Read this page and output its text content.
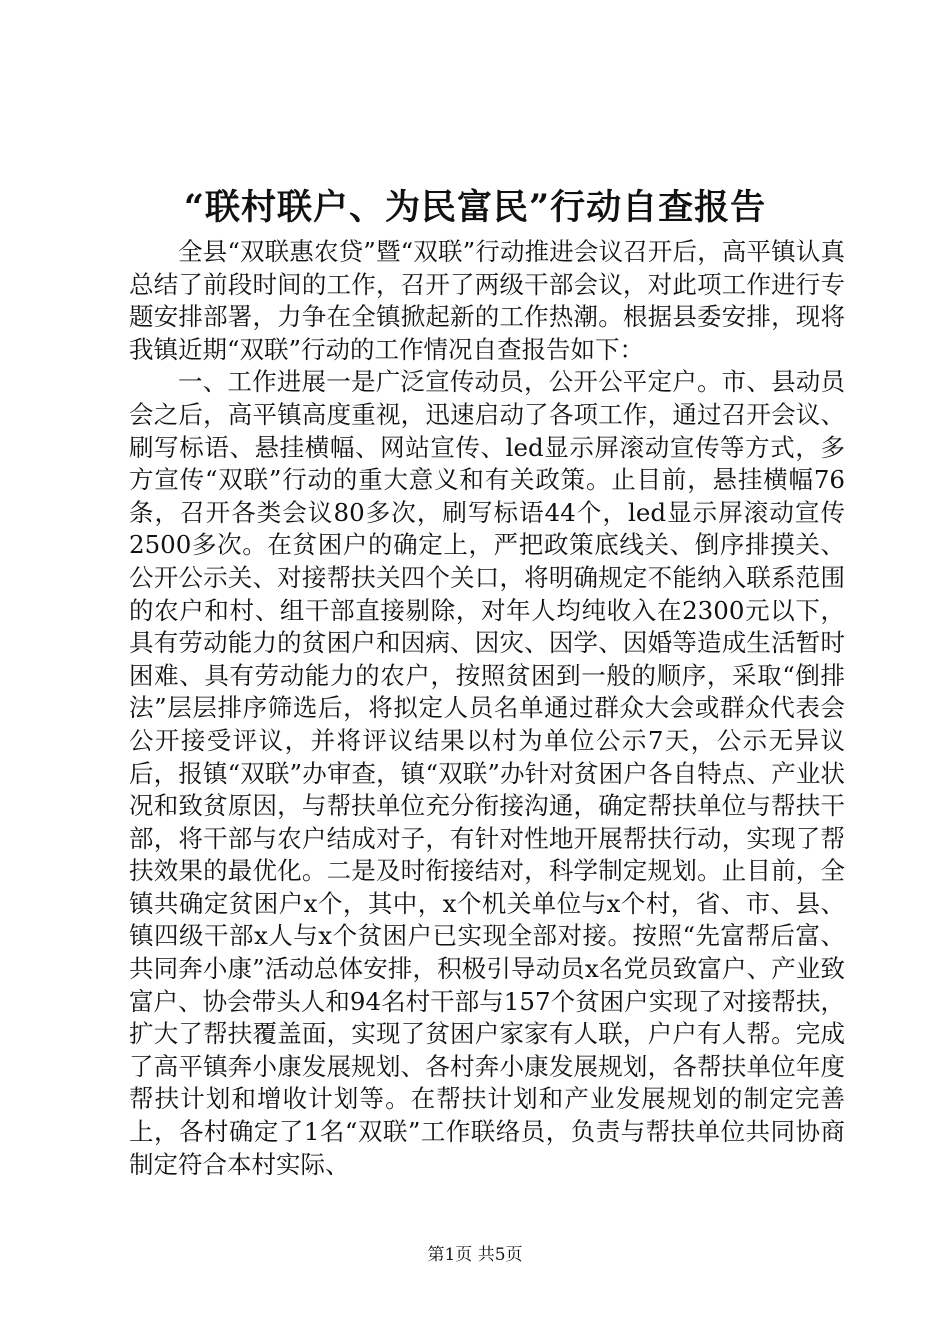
“联村联户、为民富民”行动自查报告

全县“双联惠农贷”暨“双联”行动推进会议召开后，高平镇认真总结了前段时间的工作，召开了两级干部会议，对此项工作进行专题安排部署，力争在全镇掀起新的工作热潮。根据县委安排，现将我镇近期“双联”行动的工作情况自查报告如下：

一、工作进展一是广泛宣传动员，公开公平定户。市、县动员会之后，高平镇高度重视，迅速启动了各项工作，通过召开会议、刷写标语、悬挂横幅、网站宣传、led显示屏滚动宣传等方式，多方宣传“双联”行动的重大意义和有关政策。止目前，悬挂横幅76条，召开各类会议80多次，刷写标语44个，led显示屏滚动宣传2500多次。在贫困户的确定上，严把政策底线关、倒序排摸关、公开公示关、对接帮扶关四个关口，将明确规定不能纳入联系范围的农户和村、组干部直接剔除，对年人均纯收入在2300元以下，具有劳动能力的贫困户和因病、因灾、因学、因婚等造成生活暂时困难、具有劳动能力的农户，按照贫困到一般的顺序，采取“倒排法”层层排序筛选后，将拟定人员名单通过群众大会或群众代表会公开接受评议，并将评议结果以村为单位公示7天，公示无异议后，报镇“双联”办审查，镇“双联”办针对贫困户各自特点、产业状况和致贫原因，与帮扶单位充分衔接沟通，确定帮扶单位与帮扶干部，将干部与农户结成对子，有针对性地开展帮扶行动，实现了帮扶效果的最优化。二是及时衔接结对，科学制定规划。止目前，全镇共确定贫困户x个，其中，x个机关单位与x个村，省、市、县、镇四级干部x人与x个贫困户已实现全部对接。按照“先富帮后富、共同奔小康”活动总体安排，积极引导动员x名党员致富户、产业致富户、协会带头人和94名村干部与157个贫困户实现了对接帮扶，扩大了帮扶覆盖面，实现了贫困户家家有人联，户户有人帮。完成了高平镇奔小康发展规划、各村奔小康发展规划，各帮扶单位年度帮扶计划和增收计划等。在帮扶计划和产业发展规划的制定完善上，各村确定了1名“双联”工作联络员，负责与帮扶单位共同协商制定符合本村实际、

第1页 共5页
